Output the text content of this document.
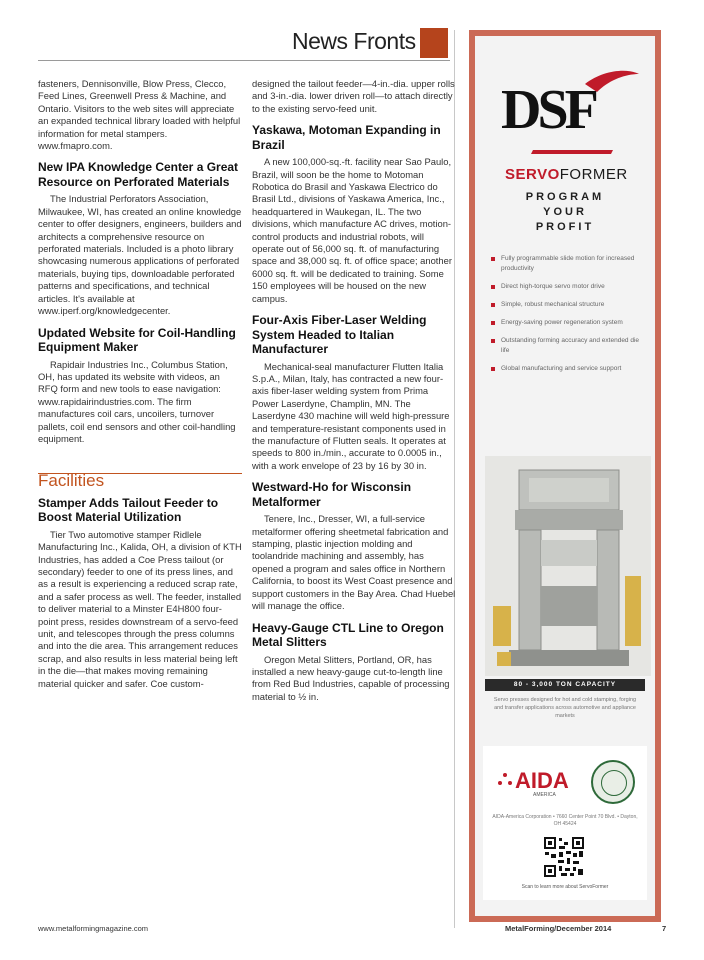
News Fronts

fasteners, Dennisonville, Blow Press, Clecco, Feed Lines, Greenwell Press & Machine, and Ontario. Visitors to the web sites will appreciate an expanded technical library loaded with helpful information for metal stampers. www.fmapro.com.

New IPA Knowledge Center a Great Resource on Perforated Materials

The Industrial Perforators Association, Milwaukee, WI, has created an online knowledge center to offer designers, engineers, builders and architects a comprehensive resource on perforated materials. Included is a photo library showcasing numerous applications of perforated materials, buying tips, downloadable perforated patterns and specifications, and technical articles. It's available at www.iperf.org/knowledgecenter.

Updated Website for Coil-Handling Equipment Maker

Rapidair Industries Inc., Columbus Station, OH, has updated its website with videos, an RFQ form and new tools to ease navigation: www.rapidairindustries.com. The firm manufactures coil cars, uncoilers, turnover pallets, coil end sensors and other coil-handling equipment.

Facilities
Stamper Adds Tailout Feeder to Boost Material Utilization

Tier Two automotive stamper Ridlele Manufacturing Inc., Kalida, OH, a division of KTH Industries, has added a Coe Press tailout (or secondary) feeder to one of its press lines, and as a result is experiencing a reduced scrap rate, and a safer process as well. The feeder, installed to deliver material to a Minster E4H800 four-point press, resides downstream of a servo-feed unit, and telescopes through the press columns and into the die area. This arrangement reduces scrap, and also results in less material being left in the die—that makes moving remaining material quicker and safer. Coe custom-

designed the tailout feeder—4-in.-dia. upper rolls and 3-in.-dia. lower driven roll—to attach directly to the existing servo-feed unit.

Yaskawa, Motoman Expanding in Brazil

A new 100,000-sq.-ft. facility near Sao Paulo, Brazil, will soon be the home to Motoman Robotica do Brasil and Yaskawa Electrico do Brasil Ltd., divisions of Yaskawa America, Inc., headquartered in Waukegan, IL. The two divisions, which manufacture AC drives, motion-control products and industrial robots, will operate out of 56,000 sq. ft. of manufacturing space and 38,000 sq. ft. of office space; another 6000 sq. ft. will be dedicated to training. Some 150 employees will be housed on the new campus.

Four-Axis Fiber-Laser Welding System Headed to Italian Manufacturer

Mechanical-seal manufacturer Flutten Italia S.p.A., Milan, Italy, has contracted a new four-axis fiber-laser welding system from Prima Power Laserdyne, Champlin, MN. The Laserdyne 430 machine will weld high-pressure and temperature-resistant components used in the manufacture of Flutten seals. It operates at speeds to 800 in./min., accurate to 0.0005 in., with a work envelope of 23 by 16 by 30 in.

Westward-Ho for Wisconsin Metalformer

Tenere, Inc., Dresser, WI, a full-service metalformer offering sheetmetal fabrication and stamping, plastic injection molding and toolandride machining and assembly, has opened a program and sales office in Northern California, to boost its West Coast presence and support customers in the Bay Area. Chad Huebel will manage the office.

Heavy-Gauge CTL Line to Oregon Metal Slitters

Oregon Metal Slitters, Portland, OR, has installed a new heavy-gauge cut-to-length line from Red Bud Industries, capable of processing material to ½ in.

www.metalformingmagazine.com	MetalForming/December 2014	7
DSF
SERVOFORMER
PROGRAM
YOUR
PROFIT
Fully programmable slide motion for increased productivity
Direct high-torque servo motor drive
Simple, robust mechanical structure
Energy-saving power regeneration system
Outstanding forming accuracy and extended die life
Global manufacturing and service support
80 - 3,000 TON CAPACITY
Servo presses designed for hot and cold stamping, forging and transfer applications across automotive and appliance markets
AIDA
AMERICA
AIDA-America Corporation • 7660 Center Point 70 Blvd. • Dayton, OH 45424
Scan to learn more about ServoFormer
